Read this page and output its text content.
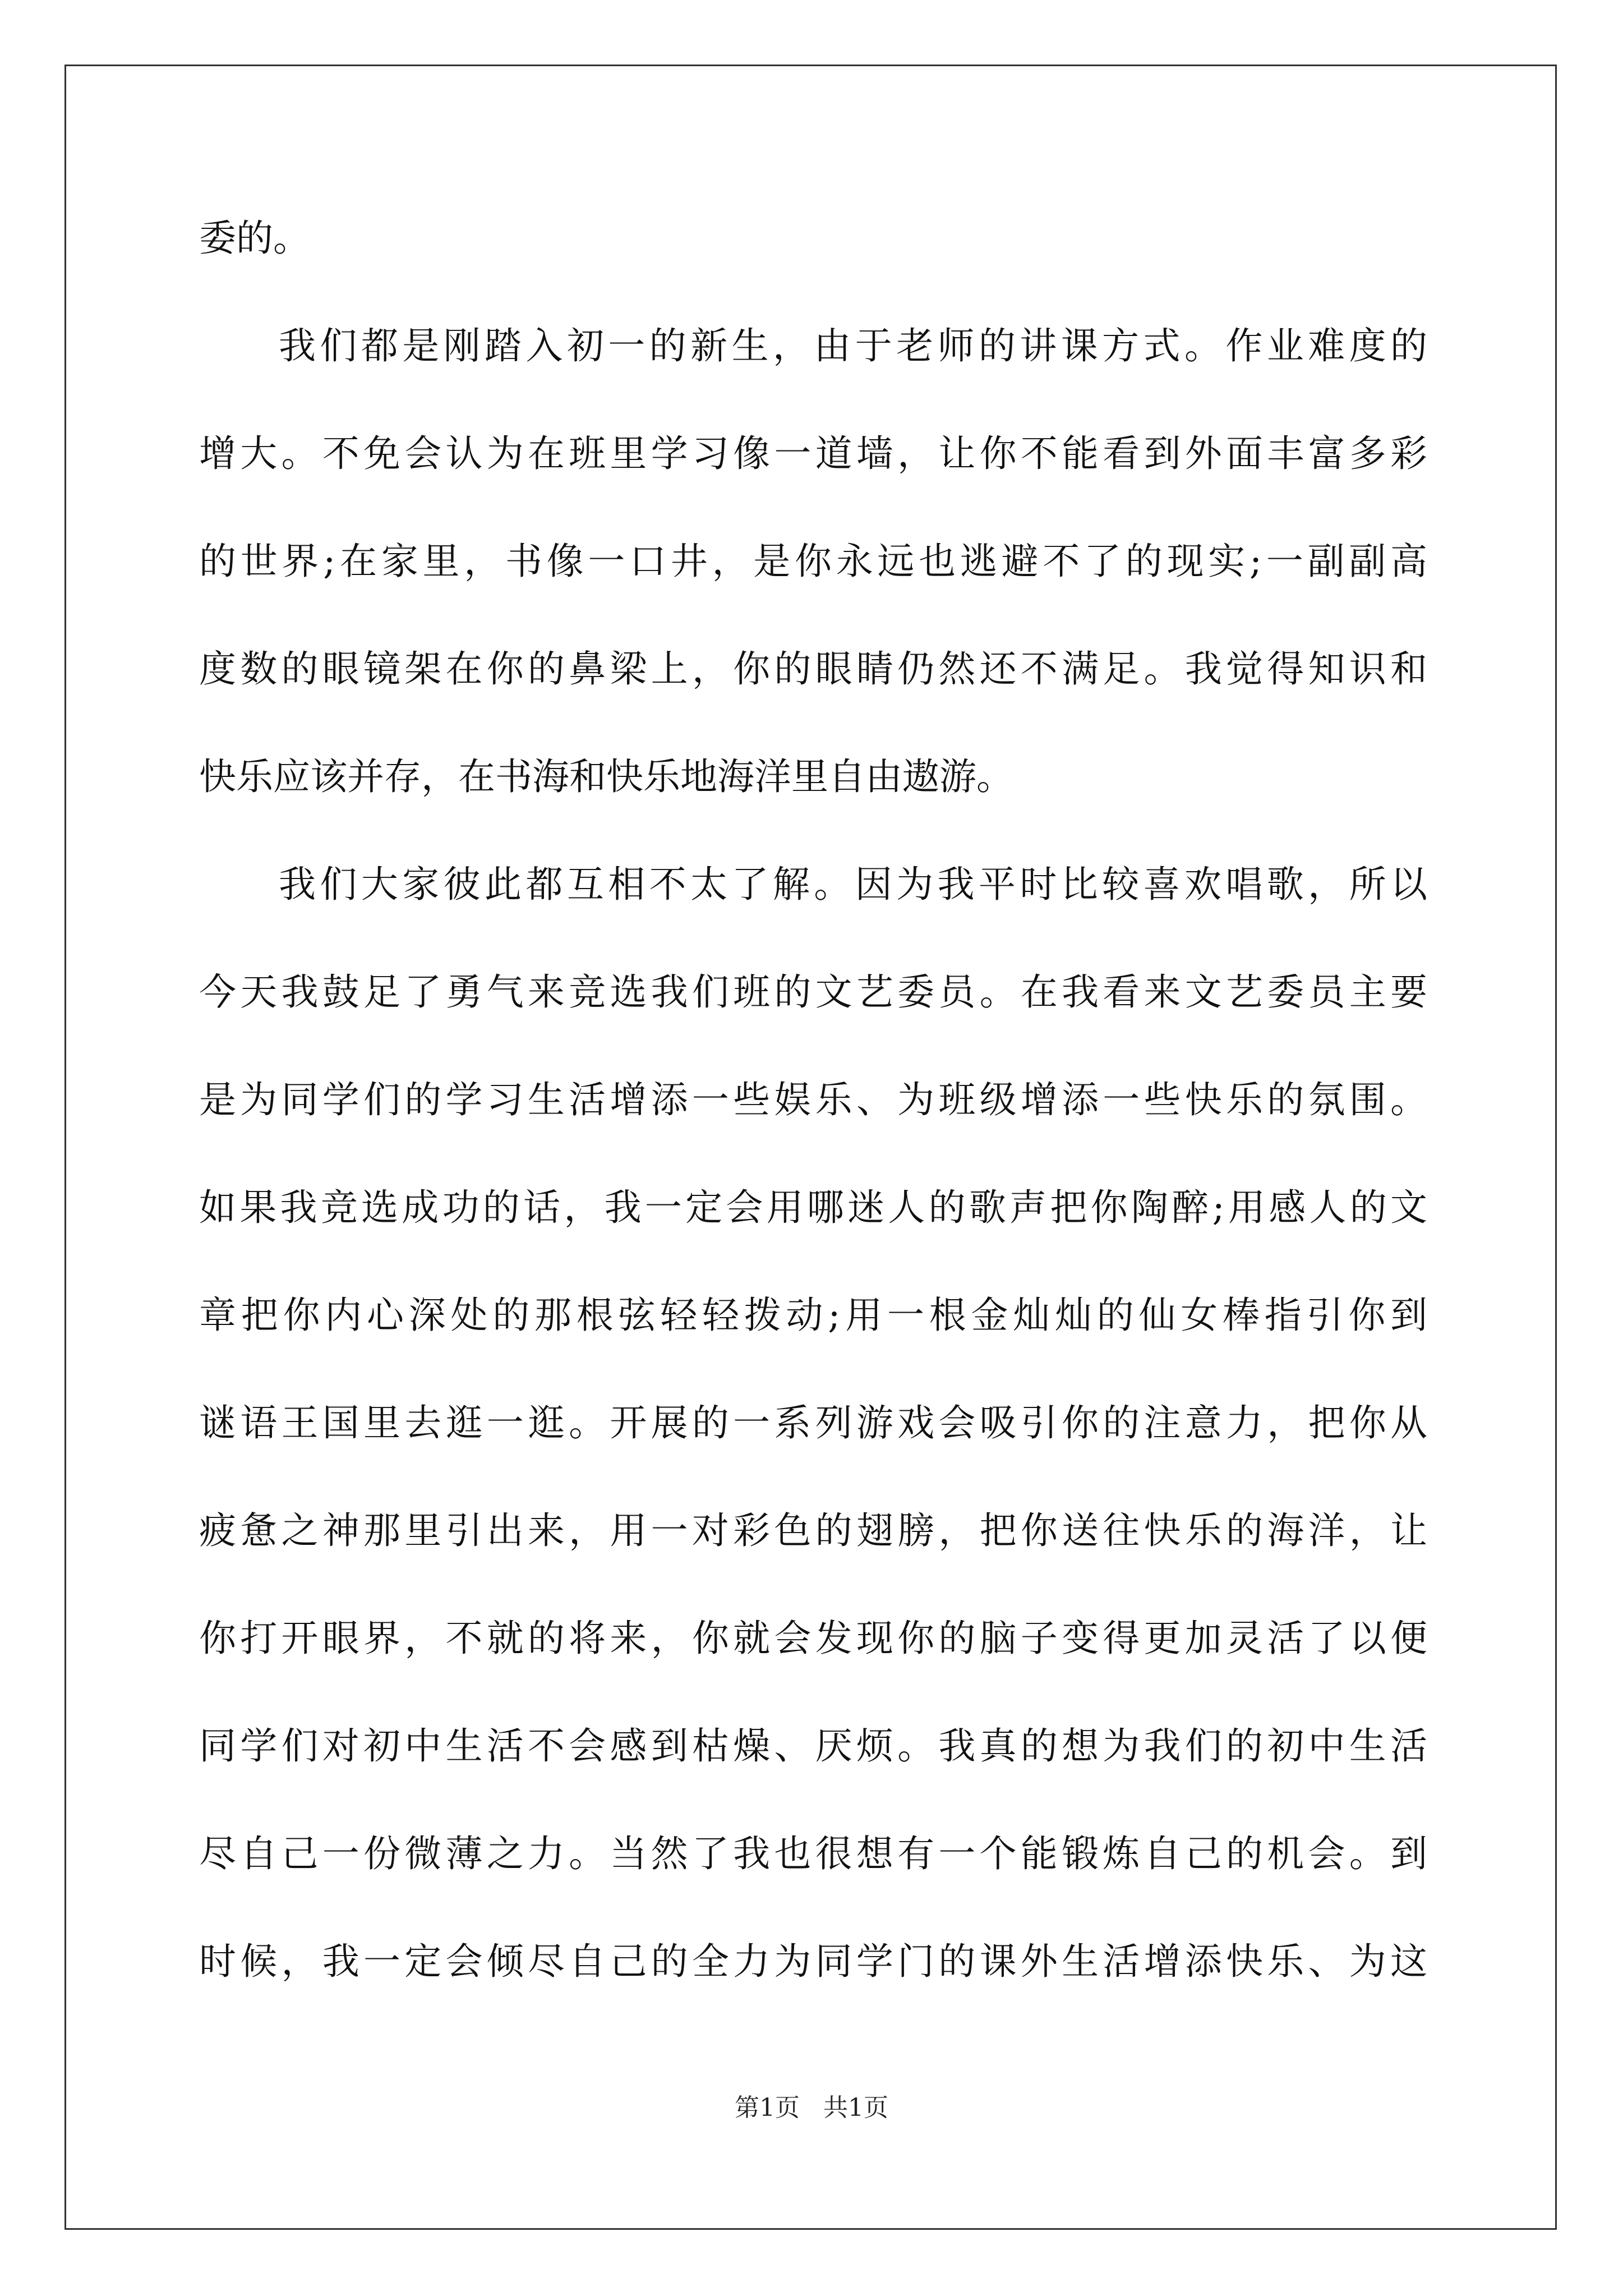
委的。
我们都是刚踏入初一的新生，由于老师的讲课方式。作业难度的
增大。不免会认为在班里学习像一道墙，让你不能看到外面丰富多彩
的世界;在家里，书像一口井，是你永远也逃避不了的现实;一副副高
度数的眼镜架在你的鼻梁上，你的眼睛仍然还不满足。我觉得知识和
快乐应该并存，在书海和快乐地海洋里自由遨游。
我们大家彼此都互相不太了解。因为我平时比较喜欢唱歌，所以
今天我鼓足了勇气来竞选我们班的文艺委员。在我看来文艺委员主要
是为同学们的学习生活增添一些娱乐、为班级增添一些快乐的氛围。
如果我竞选成功的话，我一定会用哪迷人的歌声把你陶醉;用感人的文
章把你内心深处的那根弦轻轻拨动;用一根金灿灿的仙女棒指引你到
谜语王国里去逛一逛。开展的一系列游戏会吸引你的注意力，把你从
疲惫之神那里引出来，用一对彩色的翅膀，把你送往快乐的海洋，让
你打开眼界，不就的将来，你就会发现你的脑子变得更加灵活了以便
同学们对初中生活不会感到枯燥、厌烦。我真的想为我们的初中生活
尽自己一份微薄之力。当然了我也很想有一个能锻炼自己的机会。到
时候，我一定会倾尽自己的全力为同学门的课外生活增添快乐、为这
第1页 共1页
